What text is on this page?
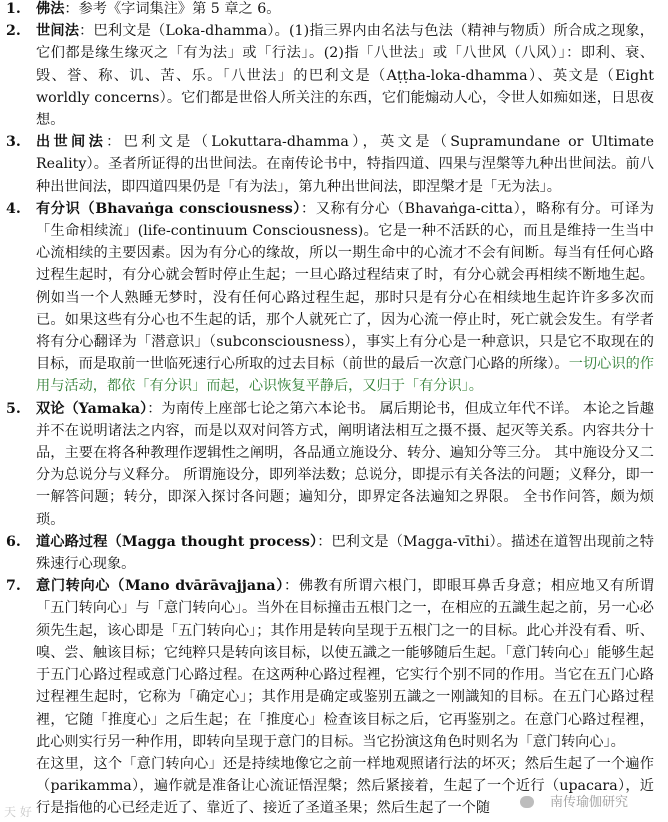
1. 佛法：参考《字词集注》第 5 章之 6。
2. 世间法：巴利文是（Loka-dhamma）。(1)指三界内由名法与色法（精神与物质）所合成之现象，它们都是缘生缘灭之「有为法」或「行法」。(2)指「八世法」或「八世风（八风）」：即利、衰、毁、誉、称、讥、苦、乐。「八世法」的巴利文是（Aṭṭha-loka-dhamma）、英文是（Eight worldly concerns）。它们都是世俗人所关注的东西，它们能煽动人心，令世人如痴如迷，日思夜想。
3. 出世间法：巴利文是（Lokuttara-dhamma），英文是（Supramundane or Ultimate Reality）。圣者所证得的出世间法。在南传论书中，特指四道、四果与涅槃等九种出世间法。前八种出世间法，即四道四果仍是「有为法」，第九种出世间法，即涅槃才是「无为法」。
4. 有分识（Bhavaṅga consciousness）：又称有分心（Bhavaṅga-citta），略称有分。可译为「生命相续流」(life-continuum Consciousness)。它是一种不活跃的心，而且是维持一生当中心流相续的主要因素。因为有分心的缘故，所以一期生命中的心流才不会有间断。每当有任何心路过程生起时，有分心就会暂时停止生起；一旦心路过程结束了时，有分心就会再相续不断地生起。例如当一个人熟睡无梦时，没有任何心路过程生起，那时只是有分心在相续地生起许许多多次而已。如果这些有分心也不生起的话，那个人就死亡了，因为心流一停止时，死亡就会发生。有学者将有分心翻译为「潜意识」（subconsciousness），事实上有分心是一种意识，只是它不取现在的目标，而是取前一世临死速行心所取的过去目标（前世的最后一次意门心路的所缘）。一切心识的作用与活动，都依「有分识」而起，心识恢复平静后，又归于「有分识」。
5. 双论（Yamaka）：为南传上座部七论之第六本论书。 属后期论书，但成立年代不详。 本论之旨趣并不在说明诸法之内容，而是以双对问答方式，阐明诸法相互之摄不摄、起灭等关系。内容共分十品，主要在将各种教理作逻辑性之阐明，各品通立施设分、转分、遍知分等三分。 其中施设分又二分为总说分与义释分。 所谓施设分，即列举法数；总说分，即提示有关各法的问题；义释分，即一一解答问题；转分，即深入探讨各问题；遍知分，即界定各法遍知之界限。 全书作问答，颇为烦琐。
6. 道心路过程（Magga thought process）：巴利文是（Magga-vīthi）。描述在道智出现前之特殊速行心现象。
7. 意门转向心（Mano dvārāvajjana）：佛教有所谓六根门，即眼耳鼻舌身意；相应地又有所谓「五门转向心」与「意门转向心」。当外在目标撞击五根门之一，在相应的五識生起之前，另一心必须先生起，该心即是「五门转向心」；其作用是转向呈现于五根门之一的目标。此心并没有看、听、嗅、尝、触该目标；它纯粹只是转向该目标，以使五識之一能够随后生起。「意门转向心」能够生起于五门心路过程或意门心路过程。在这两种心路过程裡，它实行个别不同的作用。当它在五门心路过程裡生起时，它称为「确定心」；其作用是确定或鉴别五識之一刚識知的目标。在五门心路过程裡，它随「推度心」之后生起；在「推度心」检查该目标之后，它再鉴别之。在意门心路过程裡，此心则实行另一种作用，即转向呈现于意门的目标。当它扮演这角色时则名为「意门转向心」。
在这里，这个「意门转向心」还是持续地像它之前一样地观照诸行法的坏灭；然后生起了一个遍作（parikamma），遍作就是准备让心流证悟涅槃；然后紧接着，生起了一个近行（upacara），近行是指他的心已经走近了、靠近了、接近了圣道圣果；然后生起了一个随
天 好
南传瑜伽研究
